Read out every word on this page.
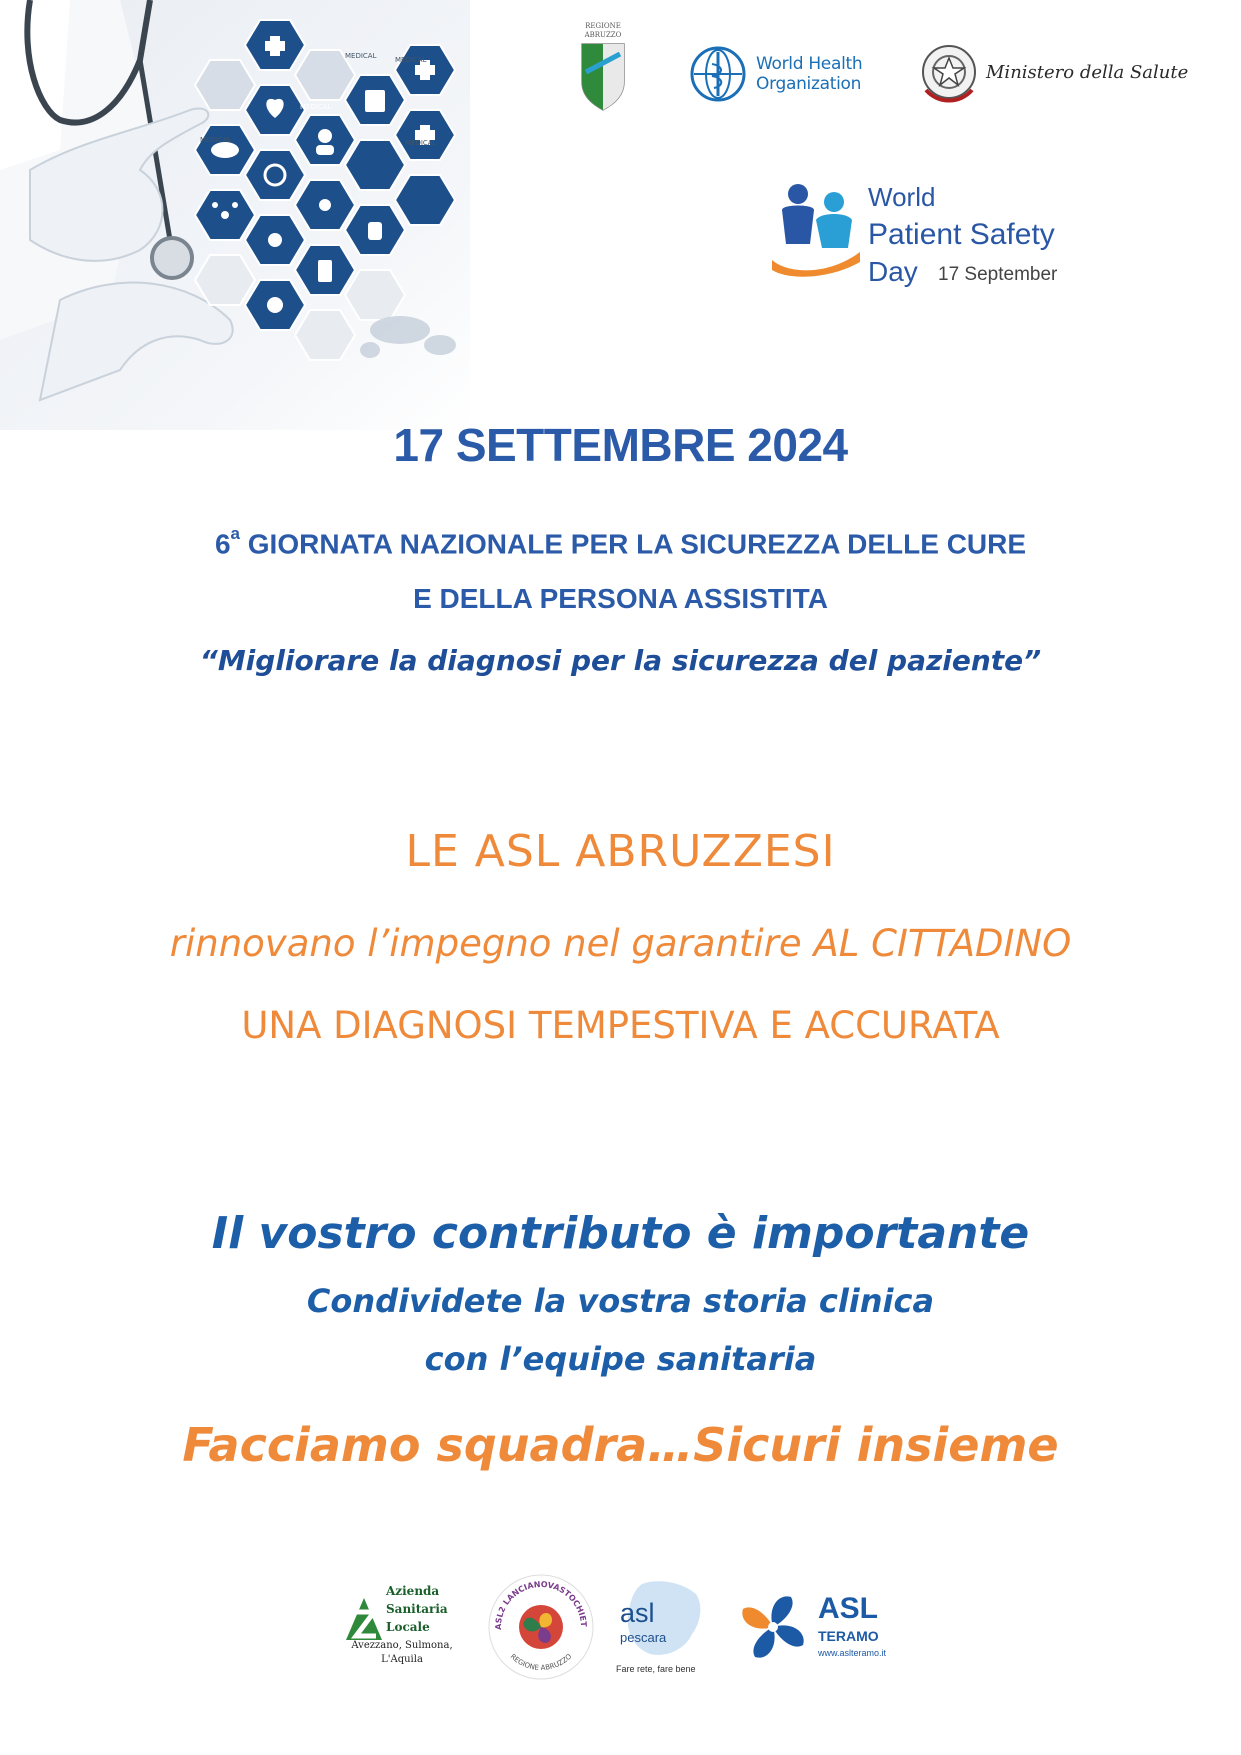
MEDICAL
MEDICAL
MEDICAL
MEDICAL
MEDICAL
REGIONE
ABRUZZO
World Health
Organization
Ministero della Salute
World
Patient Safety
Day 17 September
17 SETTEMBRE 2024
6$^a$ GIORNATA NAZIONALE PER LA SICUREZZA DELLE CURE
E DELLA PERSONA ASSISTITA
“Migliorare la diagnosi per la sicurezza del paziente”
LE ASL ABRUZZESI
rinnovano l’impegno nel garantire AL CITTADINO
UNA DIAGNOSI TEMPESTIVA E ACCURATA
Il vostro contributo è importante
Condividete la vostra storia clinica
con l’equipe sanitaria
Facciamo squadra…Sicuri insieme
Azienda
Sanitaria
Locale
Avezzano, Sulmona,
L'Aquila
ASL2 LANCIANOVASTOCHIET
REGIONE ABRUZZO
asl
pescara
Fare rete, fare bene
ASL
TERAMO
www.aslteramo.it
